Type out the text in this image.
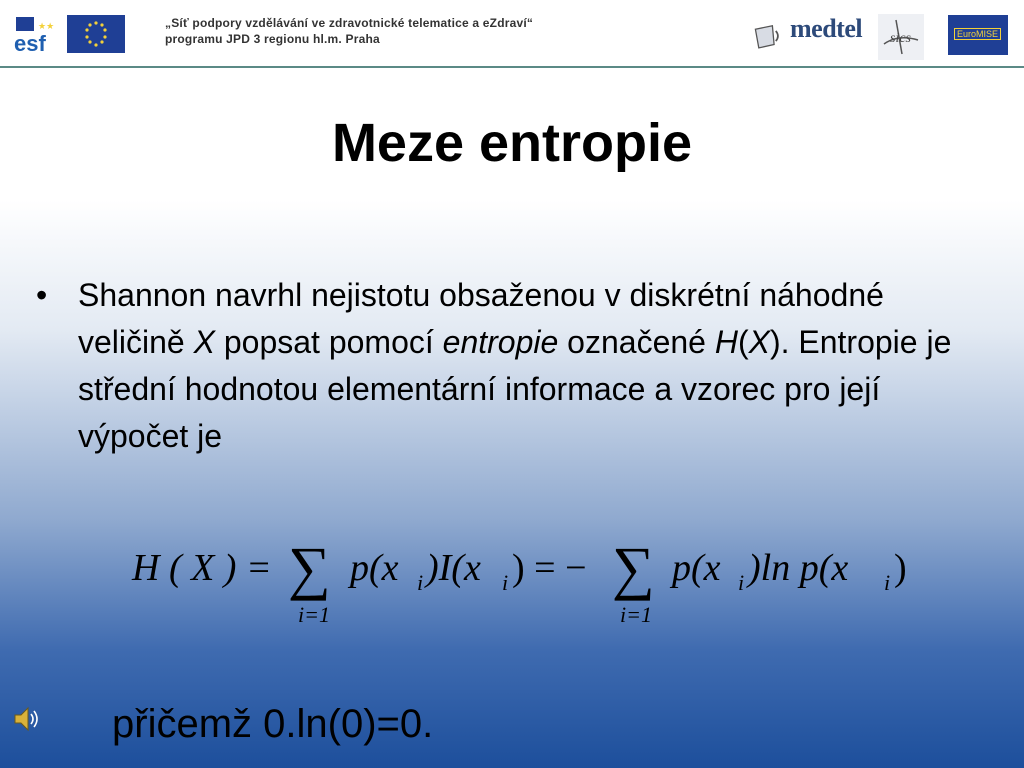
★★
esf
„Síť podpory vzdělávání ve zdravotnické telematice a eZdraví“
programu JPD 3 regionu hl.m. Praha	medtel sics	EuroMISE
Meze entropie
• Shannon navrhl nejistotu obsaženou v diskrétní náhodné veličině X popsat pomocí entropie označené H(X). Entropie je střední hodnotou elementární informace a vzorec pro její výpočet je
H ( X ) = ∑
i=1
p(x i )I(x i ) = − ∑
i=1
p(x i )ln p(x i )
přičemž 0.ln(0)=0.
